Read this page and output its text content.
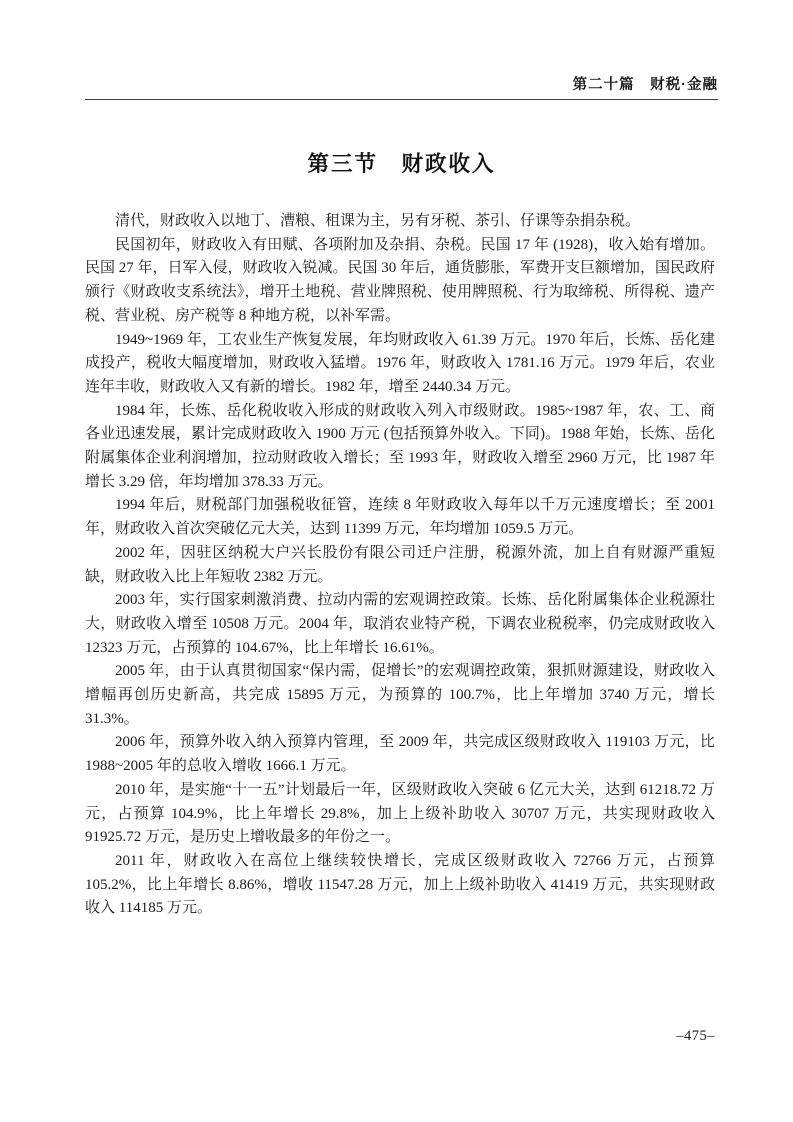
第二十篇　财税·金融
第三节　财政收入

清代，财政收入以地丁、漕粮、租课为主，另有牙税、茶引、仔课等杂捐杂税。

民国初年，财政收入有田赋、各项附加及杂捐、杂税。民国 17 年 (1928)，收入始有增加。民国 27 年，日军入侵，财政收入锐减。民国 30 年后，通货膨胀，军费开支巨额增加，国民政府颁行《财政收支系统法》，增开土地税、营业牌照税、使用牌照税、行为取缔税、所得税、遗产税、营业税、房产税等 8 种地方税，以补军需。

1949~1969 年，工农业生产恢复发展，年均财政收入 61.39 万元。1970 年后，长炼、岳化建成投产，税收大幅度增加，财政收入猛增。1976 年，财政收入 1781.16 万元。1979 年后，农业连年丰收，财政收入又有新的增长。1982 年，增至 2440.34 万元。

1984 年，长炼、岳化税收收入形成的财政收入列入市级财政。1985~1987 年，农、工、商各业迅速发展，累计完成财政收入 1900 万元 (包括预算外收入。下同)。1988 年始，长炼、岳化附属集体企业利润增加，拉动财政收入增长；至 1993 年，财政收入增至 2960 万元，比 1987 年增长 3.29 倍，年均增加 378.33 万元。

1994 年后，财税部门加强税收征管，连续 8 年财政收入每年以千万元速度增长；至 2001 年，财政收入首次突破亿元大关，达到 11399 万元，年均增加 1059.5 万元。

2002 年，因驻区纳税大户兴长股份有限公司迁户注册，税源外流，加上自有财源严重短缺，财政收入比上年短收 2382 万元。

2003 年，实行国家刺激消费、拉动内需的宏观调控政策。长炼、岳化附属集体企业税源壮大，财政收入增至 10508 万元。2004 年，取消农业特产税，下调农业税税率，仍完成财政收入 12323 万元，占预算的 104.67%，比上年增长 16.61%。

2005 年，由于认真贯彻国家“保内需，促增长”的宏观调控政策，狠抓财源建设，财政收入增幅再创历史新高，共完成 15895 万元，为预算的 100.7%，比上年增加 3740 万元，增长 31.3%。

2006 年，预算外收入纳入预算内管理，至 2009 年，共完成区级财政收入 119103 万元，比 1988~2005 年的总收入增收 1666.1 万元。

2010 年，是实施“十一五”计划最后一年，区级财政收入突破 6 亿元大关，达到 61218.72 万元，占预算 104.9%，比上年增长 29.8%，加上上级补助收入 30707 万元，共实现财政收入 91925.72 万元，是历史上增收最多的年份之一。

2011 年，财政收入在高位上继续较快增长，完成区级财政收入 72766 万元，占预算 105.2%，比上年增长 8.86%，增收 11547.28 万元，加上上级补助收入 41419 万元，共实现财政收入 114185 万元。

–475–
